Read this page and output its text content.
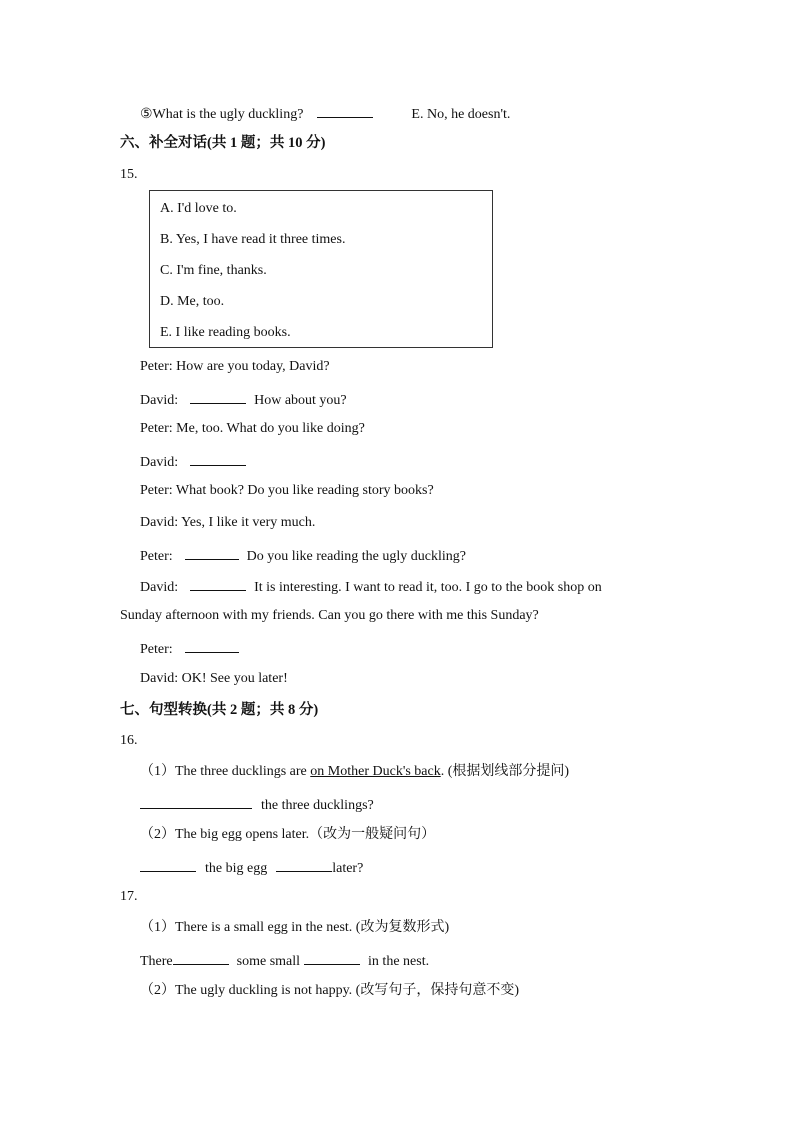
⑤What is the ugly duckling?	E. No, he doesn't.
六、补全对话(共 1 题；共 10 分)
15.
A. I'd love to.
B. Yes, I have read it three times.
C. I'm fine, thanks.
D. Me, too.
E. I like reading books.
Peter: How are you today, David?
David:	How about you?
Peter: Me, too. What do you like doing?
David:
Peter: What book? Do you like reading story books?
David: Yes, I like it very much.
Peter:	Do you like reading the ugly duckling?
David:	It is interesting. I want to read it, too. I go to the book shop on
Sunday afternoon with my friends. Can you go there with me this Sunday?
Peter:
David: OK! See you later!
七、句型转换(共 2 题；共 8 分)
16.
（1）The three ducklings are on Mother Duck's back. (根据划线部分提问)
the three ducklings?
（2）The big egg opens later.（改为一般疑问句）
the big egg	later?
17.
（1）There is a small egg in the nest. (改为复数形式)
There	some small	in the nest.
（2）The ugly duckling is not happy. (改写句子，保持句意不变)
